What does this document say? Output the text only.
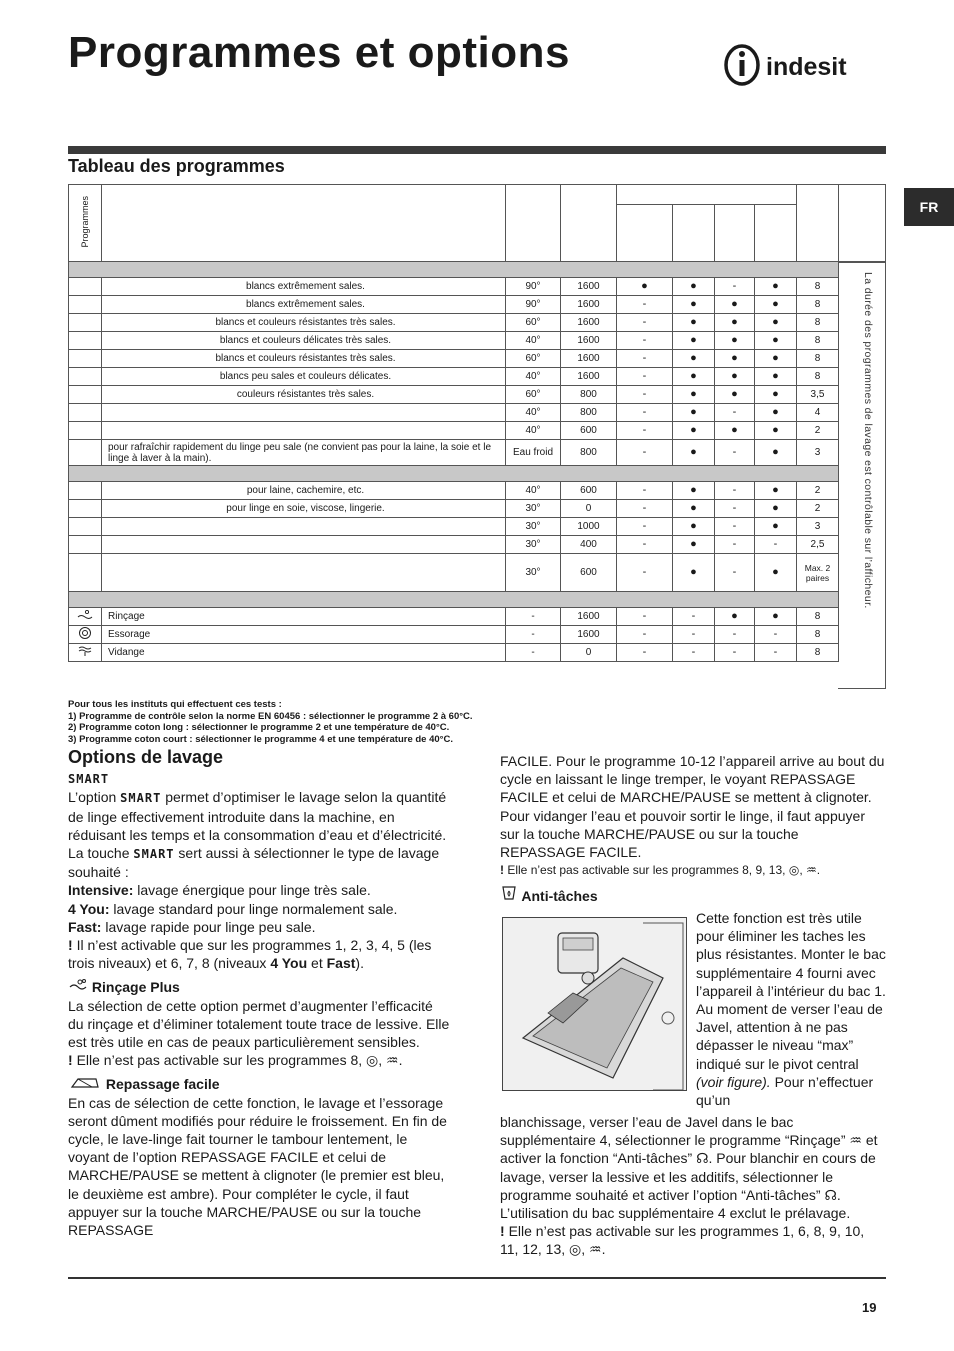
Programmes et options	indesit
Tableau des programmes
FR
Programmes								

	blancs extrêmement sales.	90°	1600	●	●	-	●	8
	blancs extrêmement sales.	90°	1600	-	●	●	●	8
	blancs et couleurs résistantes très sales.	60°	1600	-	●	●	●	8
	blancs et couleurs délicates très sales.	40°	1600	-	●	●	●	8
	blancs et couleurs résistantes très sales.	60°	1600	-	●	●	●	8
	blancs peu sales et couleurs délicates.	40°	1600	-	●	●	●	8
	couleurs résistantes très sales.	60°	800	-	●	●	●	3,5
		40°	800	-	●	-	●	4
		40°	600	-	●	●	●	2
	pour rafraîchir rapidement du linge peu sale (ne convient pas pour la laine, la soie et le linge à laver à la main).	Eau froid	800	-	●	-	●	3

	pour laine, cachemire, etc.	40°	600	-	●	-	●	2
	pour linge en soie, viscose, lingerie.	30°	0	-	●	-	●	2
		30°	1000	-	●	-	●	3
		30°	400	-	●	-	-	2,5
		30°	600	-	●	-	●	Max. 2 paires

	Rinçage	-	1600	-	-	●	●	8
	Essorage	-	1600	-	-	-	-	8
	Vidange	-	0	-	-	-	-	8
La durée des programmes de lavage est contrôlable sur l’afficheur.
Pour tous les instituts qui effectuent ces tests :
1) Programme de contrôle selon la norme EN 60456 : sélectionner le programme 2 à 60°C.
2) Programme coton long : sélectionner le programme 2 et une température de 40°C.
3) Programme coton court : sélectionner le programme 4 et une température de 40°C.
Options de lavage
SMART

L’option SMART permet d’optimiser le lavage selon la quantité de linge effectivement introduite dans la machine, en réduisant les temps et la consommation d’eau et d’électricité. La touche SMART sert aussi à sélectionner le type de lavage souhaité :

Intensive: lavage énergique pour linge très sale.
4 You: lavage standard pour linge normalement sale.
Fast: lavage rapide pour linge peu sale.

! Il n’est activable que sur les programmes 1, 2, 3, 4, 5 (les trois niveaux) et 6, 7, 8 (niveaux 4 You et Fast).

Rinçage Plus

La sélection de cette option permet d’augmenter l’efficacité du rinçage et d’éliminer totalement toute trace de lessive. Elle est très utile en cas de peaux particulièrement sensibles.

! Elle n’est pas activable sur les programmes 8, ◎, ♒.

Repassage facile

En cas de sélection de cette fonction, le lavage et l’essorage seront dûment modifiés pour réduire le froissement. En fin de cycle, le lave-linge fait tourner le tambour lentement, le voyant de l’option REPASSAGE FACILE et celui de MARCHE/PAUSE se mettent à clignoter (le premier est bleu, le deuxième est ambre). Pour compléter le cycle, il faut appuyer sur la touche MARCHE/PAUSE ou sur la touche REPASSAGE

FACILE. Pour le programme 10-12 l’appareil arrive au bout du cycle en laissant le linge tremper, le voyant REPASSAGE FACILE et celui de MARCHE/PAUSE se mettent à clignoter. Pour vidanger l’eau et pouvoir sortir le linge, il faut appuyer sur la touche MARCHE/PAUSE ou sur la touche REPASSAGE FACILE.

! Elle n’est pas activable sur les programmes 8, 9, 13, ◎, ♒.

Anti-tâches

Cette fonction est très utile pour éliminer les taches les plus résistantes. Monter le bac supplémentaire 4 fourni avec l’appareil à l’intérieur du bac 1. Au moment de verser l’eau de Javel, attention à ne pas dépasser le niveau “max” indiqué sur le pivot central (voir figure). Pour n’effectuer qu’un

blanchissage, verser l’eau de Javel dans le bac supplémentaire 4, sélectionner le programme “Rinçage” ♒ et activer la fonction “Anti-tâches” ☊. Pour blanchir en cours de lavage, verser la lessive et les additifs, sélectionner le programme souhaité et activer l’option “Anti-tâches” ☊. L’utilisation du bac supplémentaire 4 exclut le prélavage.

! Elle n’est pas activable sur les programmes 1, 6, 8, 9, 10, 11, 12, 13, ◎, ♒.

19
